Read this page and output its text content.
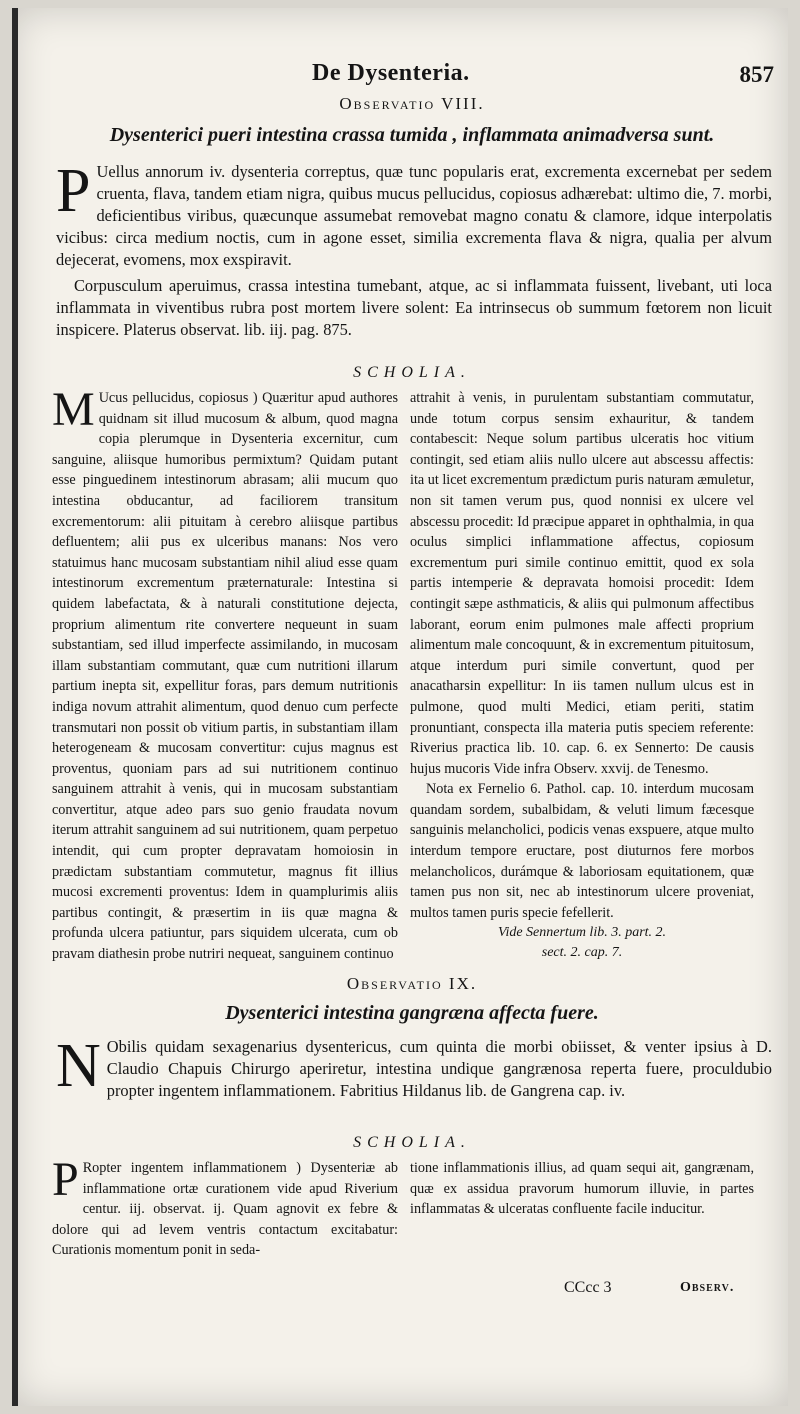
De Dysenteria.	857
Observatio VIII.
Dysenterici pueri intestina crassa tumida , inflammata animadversa sunt.

P Uellus annorum iv. dysenteria correptus, quæ tunc popularis erat, excrementa excernebat per sedem cruenta, flava, tandem etiam nigra, quibus mucus pellucidus, copiosus adhærebat: ultimo die, 7. morbi, deficientibus viribus, quæcunque assumebat removebat magno conatu & clamore, idque interpolatis vicibus: circa medium noctis, cum in agone esset, similia excrementa flava & nigra, qualia per alvum dejecerat, evomens, mox exspiravit.

Corpusculum aperuimus, crassa intestina tumebant, atque, ac si inflammata fuissent, livebant, uti loca inflammata in viventibus rubra post mortem livere solent: Ea intrinsecus ob summum fœtorem non licuit inspicere. Platerus observat. lib. iij. pag. 875.

SCHOLIA.

M Ucus pellucidus, copiosus ) Quæritur apud authores quidnam sit illud mucosum & album, quod magna copia plerumque in Dysenteria excernitur, cum sanguine, aliisque humoribus permixtum? Quidam putant esse pinguedinem intestinorum abrasam; alii mucum quo intestina obducantur, ad faciliorem transitum excrementorum: alii pituitam à cerebro aliisque partibus defluentem; alii pus ex ulceribus manans: Nos vero statuimus hanc mucosam substantiam nihil aliud esse quam intestinorum excrementum præternaturale: Intestina si quidem labefactata, & à naturali constitutione dejecta, proprium alimentum rite convertere nequeunt in suam substantiam, sed illud imperfecte assimilando, in mucosam illam substantiam commutant, quæ cum nutritioni illarum partium inepta sit, expellitur foras, pars demum nutritionis indiga novum attrahit alimentum, quod denuo cum perfecte transmutari non possit ob vitium partis, in substantiam illam heterogeneam & mucosam convertitur: cujus magnus est proventus, quoniam pars ad sui nutritionem continuo sanguinem attrahit à venis, qui in mucosam substantiam convertitur, atque adeo pars suo genio fraudata novum iterum attrahit sanguinem ad sui nutritionem, quam perpetuo intendit, qui cum propter depravatam homoiosin in prædictam substantiam commutetur, magnus fit illius mucosi excrementi proventus: Idem in quamplurimis aliis partibus contingit, & præsertim in iis quæ magna & profunda ulcera patiuntur, pars siquidem ulcerata, cum ob pravam diathesin probe nutriri nequeat, sanguinem continuo

attrahit à venis, in purulentam substantiam commutatur, unde totum corpus sensim exhauritur, & tandem contabescit: Neque solum partibus ulceratis hoc vitium contingit, sed etiam aliis nullo ulcere aut abscessu affectis: ita ut licet excrementum prædictum puris naturam æmuletur, non sit tamen verum pus, quod nonnisi ex ulcere vel abscessu procedit: Id præcipue apparet in ophthalmia, in qua oculus simplici inflammatione affectus, copiosum excrementum puri simile continuo emittit, quod ex sola partis intemperie & depravata homoisi procedit: Idem contingit sæpe asthmaticis, & aliis qui pulmonum affectibus laborant, eorum enim pulmones male affecti proprium alimentum male concoquunt, & in excrementum pituitosum, atque interdum puri simile convertunt, quod per anacatharsin expellitur: In iis tamen nullum ulcus est in pulmone, quod multi Medici, etiam periti, statim pronuntiant, conspecta illa materia putis speciem referente: Riverius practica lib. 10. cap. 6. ex Sennerto: De causis hujus mucoris Vide infra Observ. xxvij. de Tenesmo.

Nota ex Fernelio 6. Pathol. cap. 10. interdum mucosam quandam sordem, subalbidam, & veluti limum fæcesque sanguinis melancholici, podicis venas exspuere, atque multo interdum tempore eructare, post diuturnos fere morbos melancholicos, durámque & laboriosam equitationem, quæ tamen pus non sit, nec ab intestinorum ulcere proveniat, multos tamen puris specie fefellerit.

Vide Sennertum lib. 3. part. 2.
sect. 2. cap. 7.
Observatio IX.
Dysenterici intestina gangræna affecta fuere.

N Obilis quidam sexagenarius dysentericus, cum quinta die morbi obiisset, & venter ipsius à D. Claudio Chapuis Chirurgo aperiretur, intestina undique gangrænosa reperta fuere, proculdubio propter ingentem inflammationem. Fabritius Hildanus lib. de Gangrena cap. iv.

SCHOLIA.

P Ropter ingentem inflammationem ) Dysenteriæ ab inflammatione ortæ curationem vide apud Riverium centur. iij. observat. ij. Quam agnovit ex febre & dolore qui ad levem ventris contactum excitabatur: Curationis momentum ponit in seda-

tione inflammationis illius, ad quam sequi ait, gangrænam, quæ ex assidua pravorum humorum illuvie, in partes inflammatas & ulceratas confluente facile inducitur.

CCcc 3	Observ.
